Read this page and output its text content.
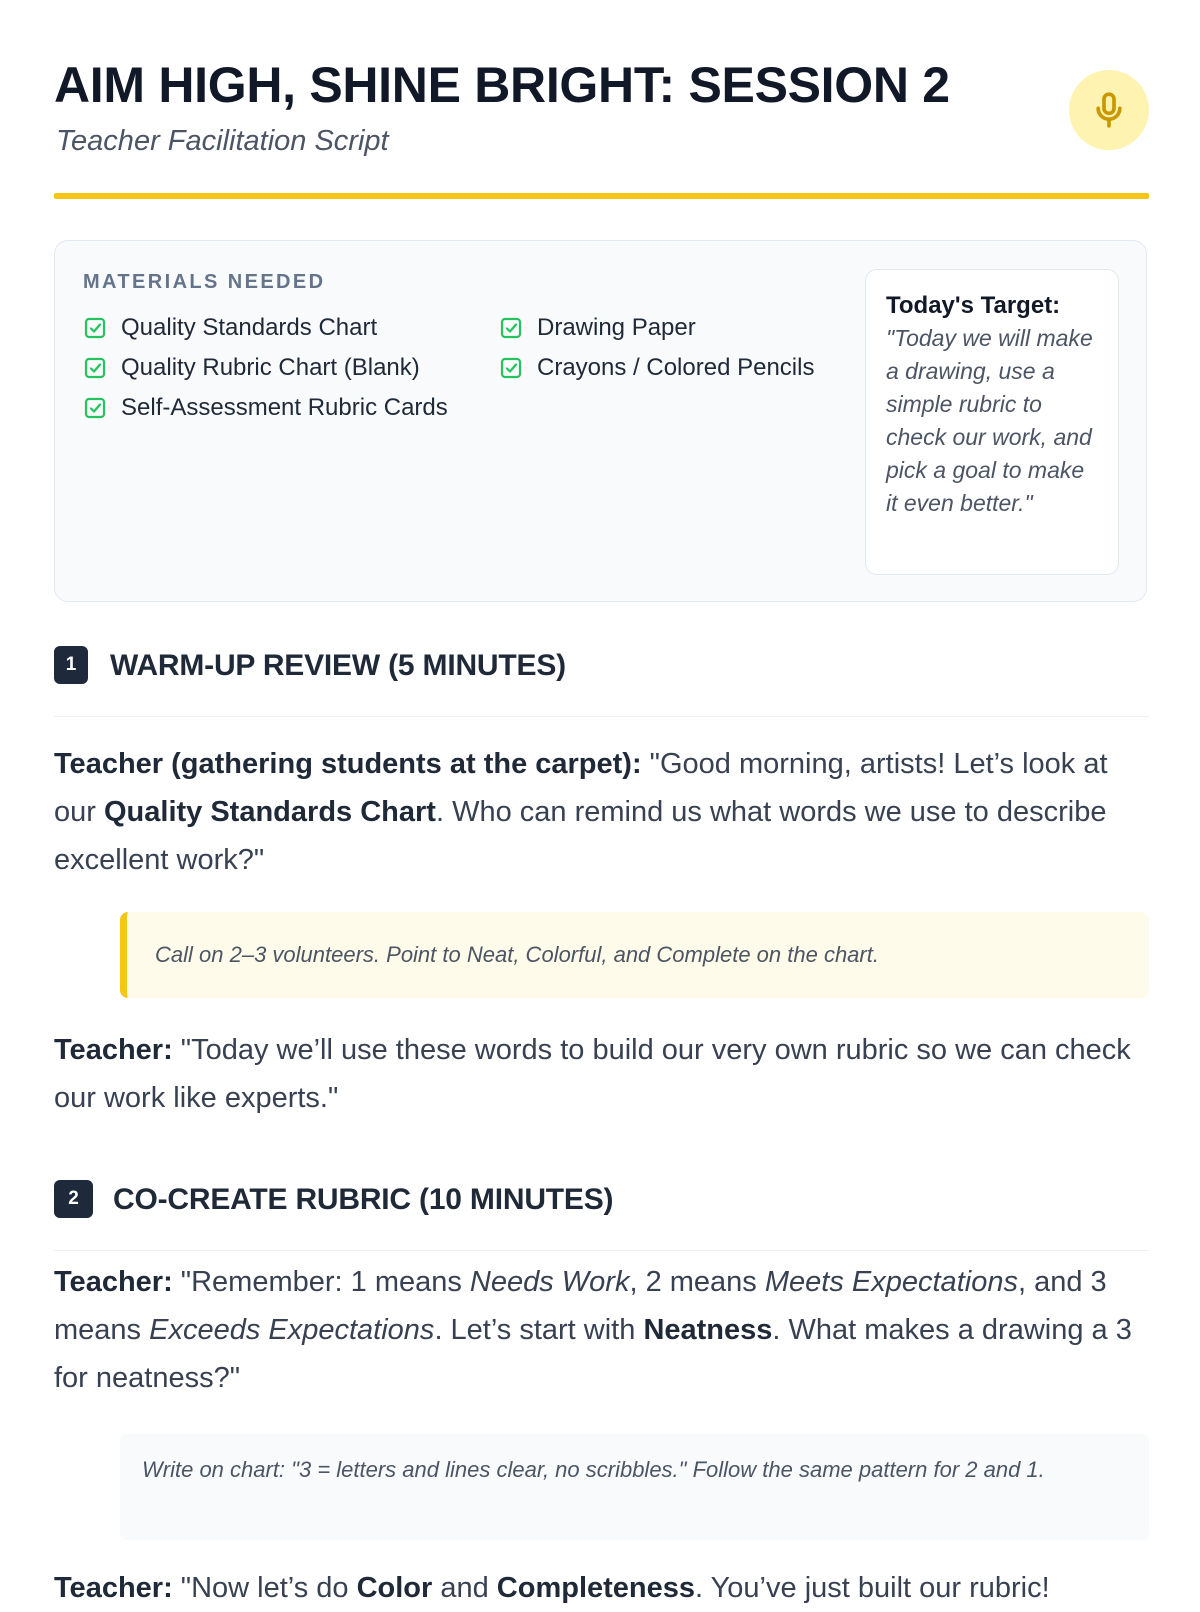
AIM HIGH, SHINE BRIGHT: SESSION 2

Teacher Facilitation Script

MATERIALS NEEDED
Quality Standards Chart
Quality Rubric Chart (Blank)
Self-Assessment Rubric Cards
Drawing Paper
Crayons / Colored Pencils
Today's Target:
"Today we will make a drawing, use a simple rubric to check our work, and pick a goal to make it even better."
1	WARM-UP REVIEW (5 MINUTES)

Teacher (gathering students at the carpet): "Good morning, artists! Let’s look at our Quality Standards Chart. Who can remind us what words we use to describe excellent work?"

Call on 2–3 volunteers. Point to Neat, Colorful, and Complete on the chart.

Teacher: "Today we’ll use these words to build our very own rubric so we can check our work like experts."

2	CO-CREATE RUBRIC (10 MINUTES)

Teacher: "Remember: 1 means Needs Work, 2 means Meets Expectations, and 3 means Exceeds Expectations. Let’s start with Neatness. What makes a drawing a 3 for neatness?"

Write on chart: "3 = letters and lines clear, no scribbles." Follow the same pattern for 2 and 1.

Teacher: "Now let’s do Color and Completeness. You’ve just built our rubric!
